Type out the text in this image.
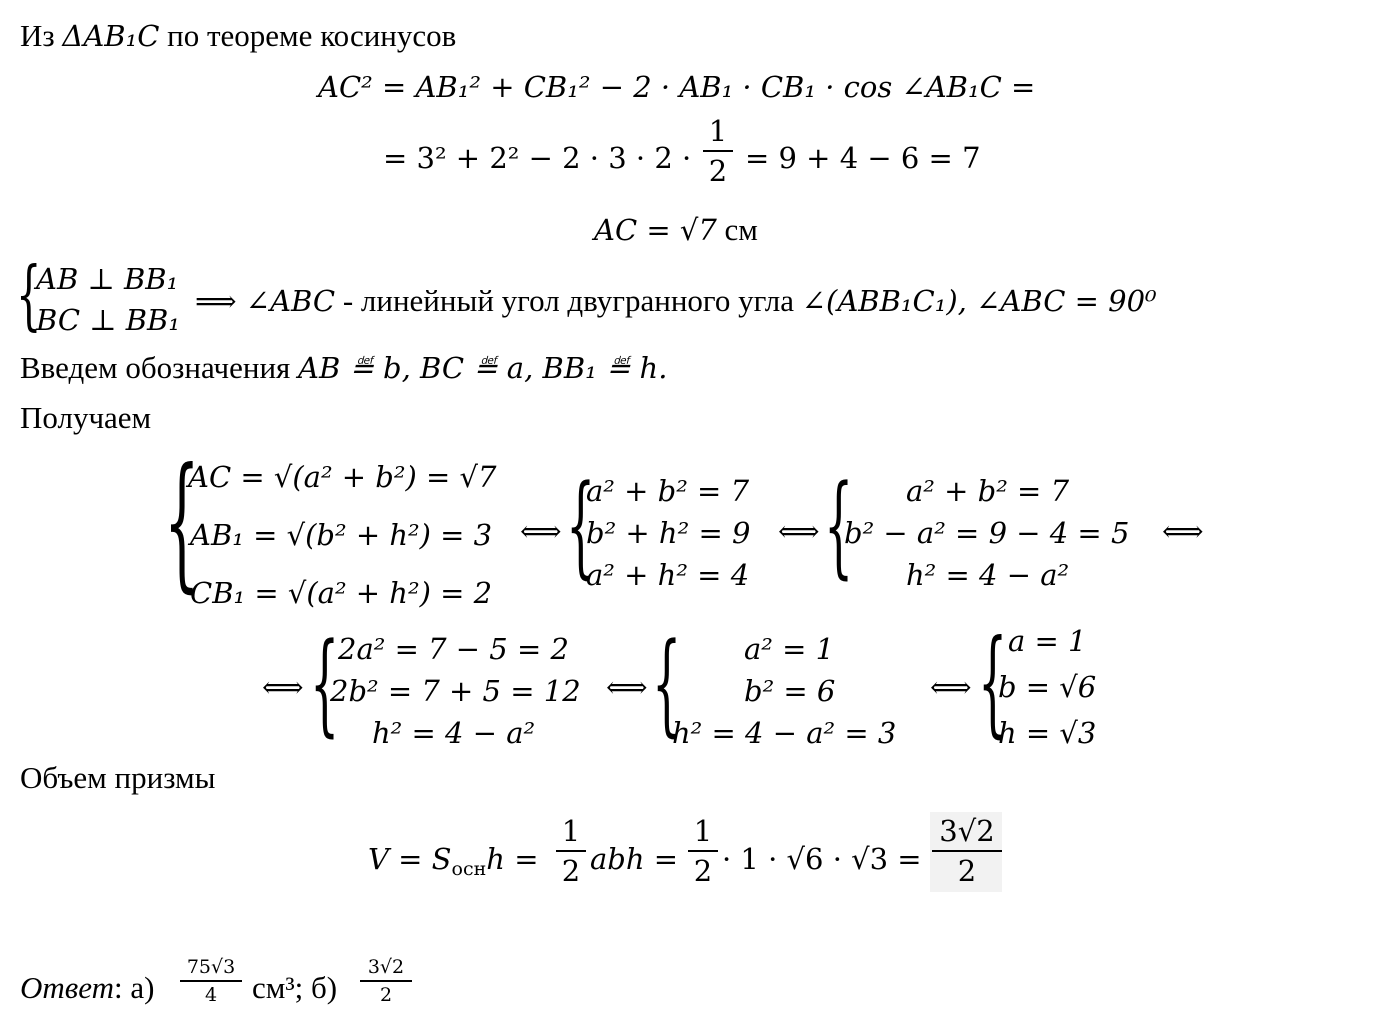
Из ΔAB₁C по теореме косинусов
AC² = AB₁² + CB₁² − 2 · AB₁ · CB₁ · cos ∠AB₁C =
= 3² + 2² − 2 · 3 · 2 ·
1
2 = 9 + 4 − 6 = 7
AC = √7 см
{
AB ⊥ BB₁
BC ⊥ BB₁
⟹ ∠ABC - линейный угол двугранного угла ∠(ABB₁C₁), ∠ABC = 90⁰
Введем обозначения AB ≝ b, BC ≝ a, BB₁ ≝ h.
Получаем
{
AC = √(a² + b²) = √7
AB₁ = √(b² + h²) = 3
CB₁ = √(a² + h²) = 2
⟺ {
a² + b² = 7
b² + h² = 9
a² + h² = 4
⟺ { a² + b² = 7
b² − a² = 9 − 4 = 5
h² = 4 − a²
⟺
⟺ {
2a² = 7 − 5 = 2
2b² = 7 + 5 = 12
h² = 4 − a²
⟺ { a² = 1
b² = 6
h² = 4 − a² = 3
⟺ { a = 1
b = √6
h = √3
Объем призмы
$V = S_{осн}h$ =
1
2 abh =
1
2 · 1 · √6 · √3 =
3√2
2
Ответ: а)
75√3
4	см³; б)
3√2
2
